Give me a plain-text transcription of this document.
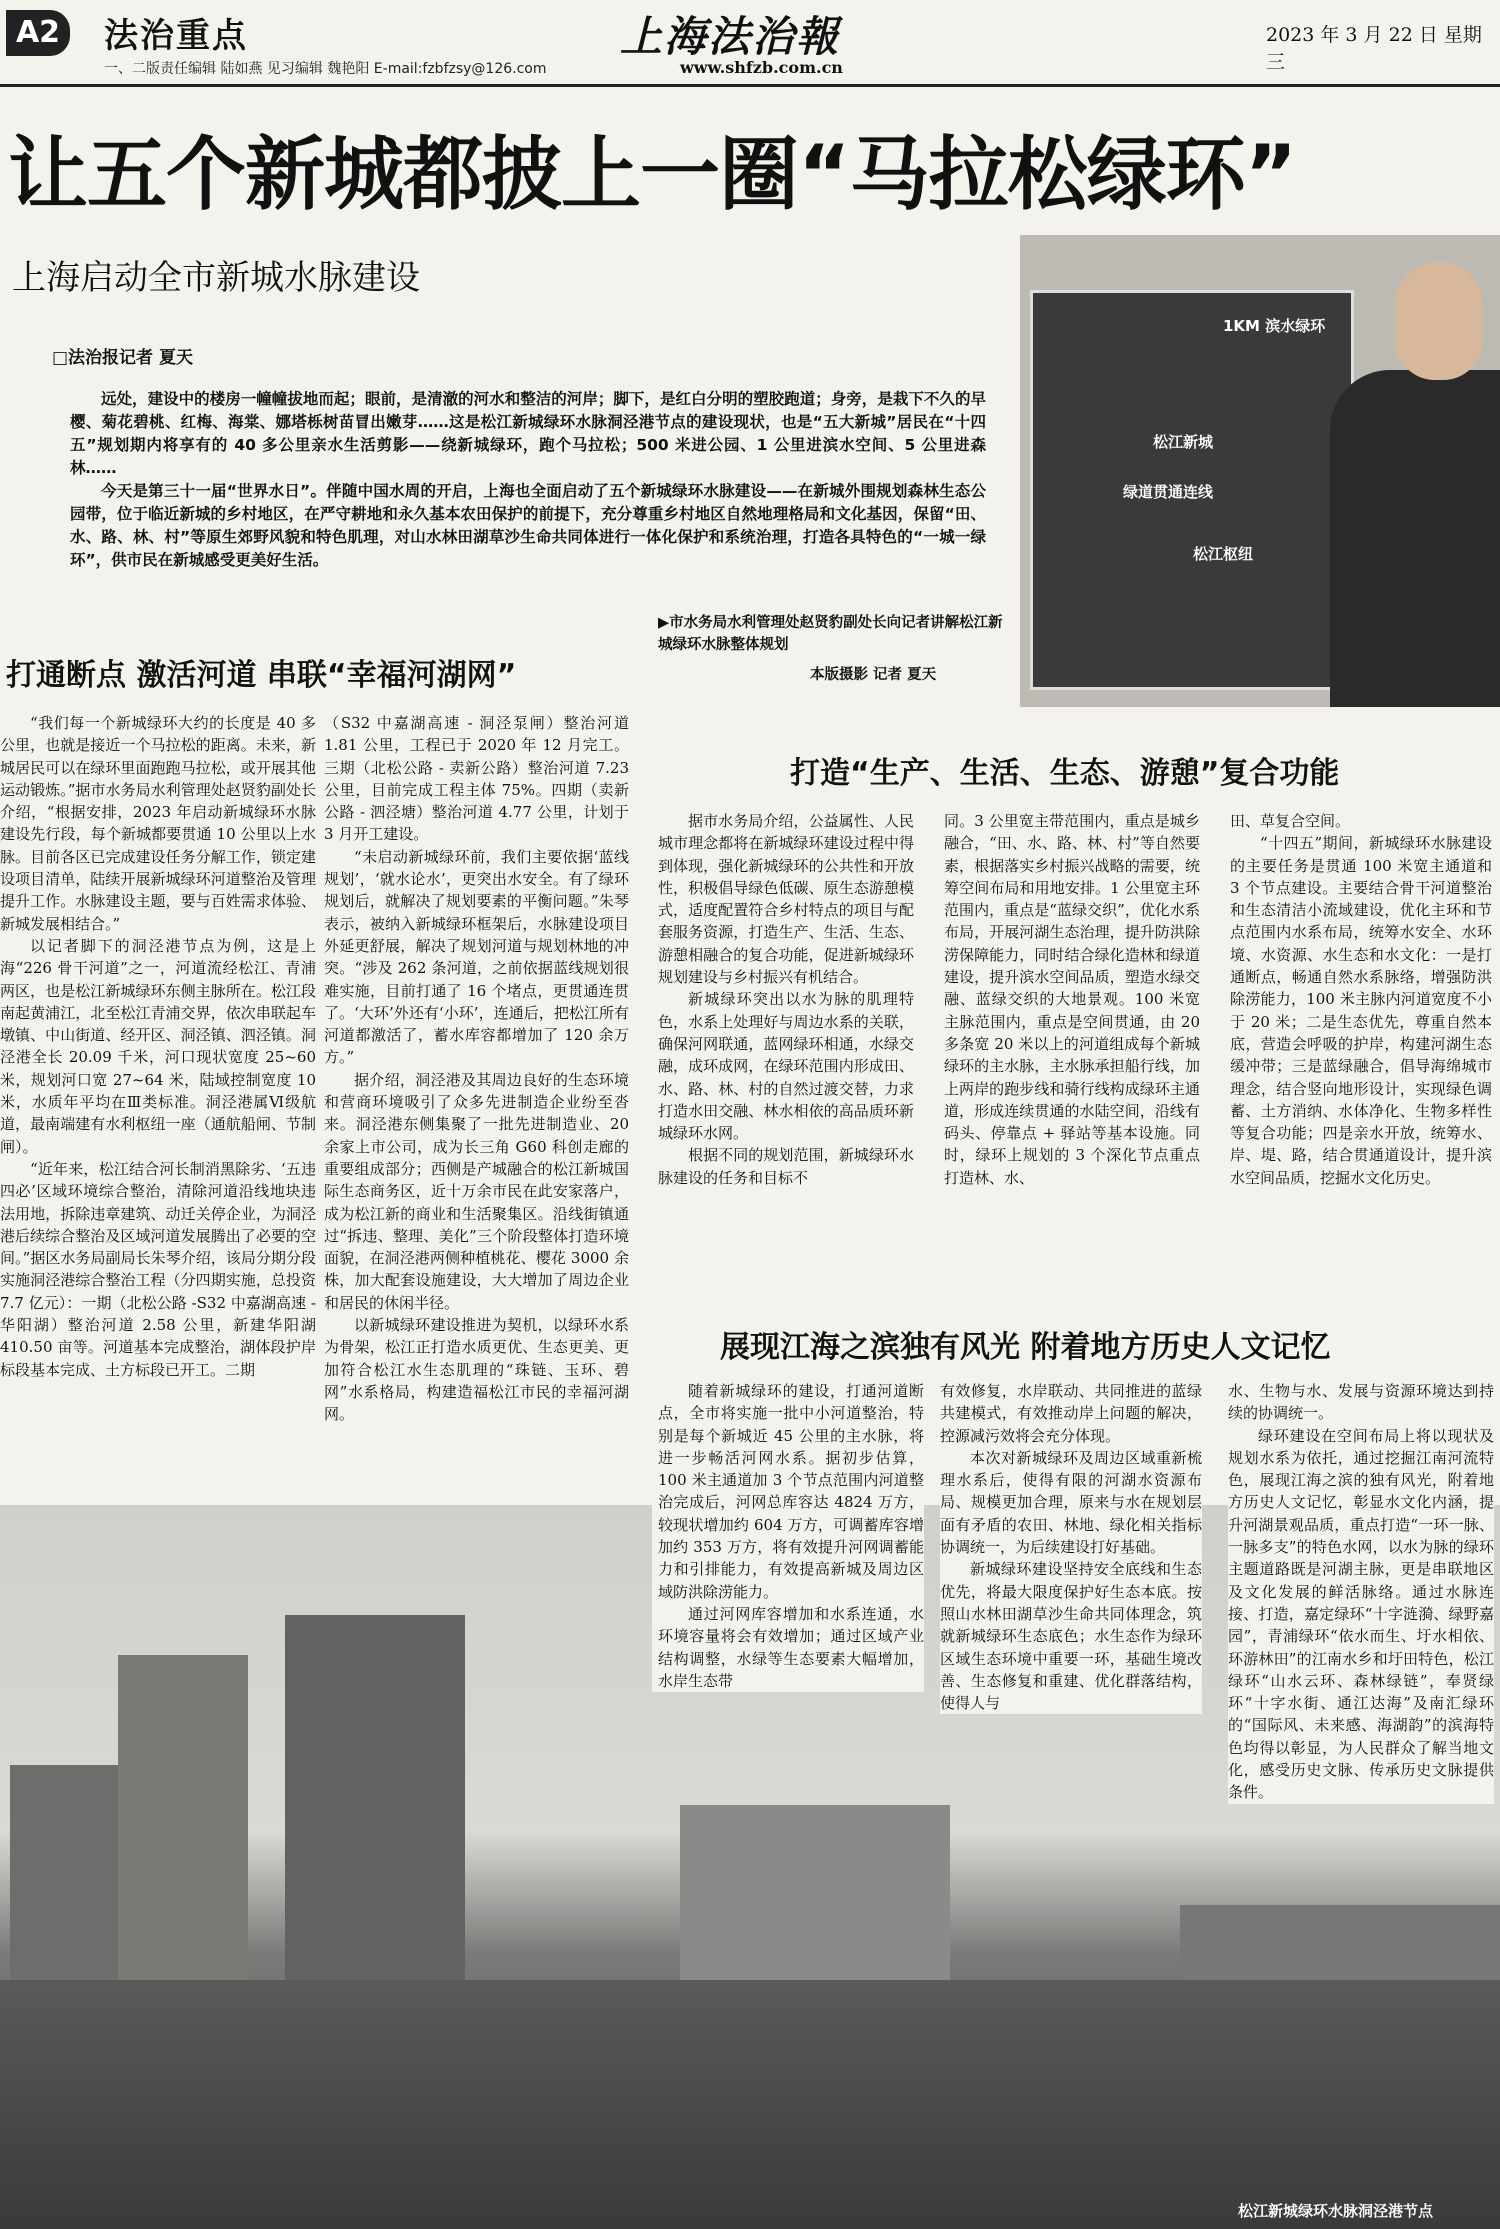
A2 法治重点
一、二版责任编辑 陆如燕 见习编辑 魏艳阳 E-mail:fzbfzsy@126.com
上海法治報
www.shfzb.com.cn
2023 年 3 月 22 日 星期三
让五个新城都披上一圈“马拉松绿环”
上海启动全市新城水脉建设
□法治报记者 夏天

远处，建设中的楼房一幢幢拔地而起；眼前，是清澈的河水和整洁的河岸；脚下，是红白分明的塑胶跑道；身旁，是栽下不久的早樱、菊花碧桃、红梅、海棠、娜塔栎树苗冒出嫩芽……这是松江新城绿环水脉洞泾港节点的建设现状，也是“五大新城”居民在“十四五”规划期内将享有的 40 多公里亲水生活剪影——绕新城绿环，跑个马拉松；500 米进公园、1 公里进滨水空间、5 公里进森林……

今天是第三十一届“世界水日”。伴随中国水周的开启，上海也全面启动了五个新城绿环水脉建设——在新城外围规划森林生态公园带，位于临近新城的乡村地区，在严守耕地和永久基本农田保护的前提下，充分尊重乡村地区自然地理格局和文化基因，保留“田、水、路、林、村”等原生郊野风貌和特色肌理，对山水林田湖草沙生命共同体进行一体化保护和系统治理，打造各具特色的“一城一绿环”，供市民在新城感受更美好生活。

1KM 滨水绿环
松江新城
绿道贯通连线
松江枢纽
▶市水务局水利管理处赵贤豹副处长向记者讲解松江新城绿环水脉整体规划
本版摄影 记者 夏天
打通断点 激活河道 串联“幸福河湖网”

“我们每一个新城绿环大约的长度是 40 多公里，也就是接近一个马拉松的距离。未来，新城居民可以在绿环里面跑跑马拉松，或开展其他运动锻炼。”据市水务局水利管理处赵贤豹副处长介绍，“根据安排，2023 年启动新城绿环水脉建设先行段，每个新城都要贯通 10 公里以上水脉。目前各区已完成建设任务分解工作，锁定建设项目清单，陆续开展新城绿环河道整治及管理提升工作。水脉建设主题，要与百姓需求体验、新城发展相结合。”

以记者脚下的洞泾港节点为例，这是上海“226 骨干河道”之一，河道流经松江、青浦两区，也是松江新城绿环东侧主脉所在。松江段南起黄浦江，北至松江青浦交界，依次串联起车墩镇、中山街道、经开区、洞泾镇、泗泾镇。洞泾港全长 20.09 千米，河口现状宽度 25~60 米，规划河口宽 27~64 米，陆域控制宽度 10 米，水质年平均在Ⅲ类标准。洞泾港属Ⅵ级航道，最南端建有水利枢纽一座（通航船闸、节制闸）。

“近年来，松江结合河长制消黑除劣、‘五违四必’区域环境综合整治，清除河道沿线地块违法用地，拆除违章建筑、动迁关停企业，为洞泾港后续综合整治及区域河道发展腾出了必要的空间。”据区水务局副局长朱琴介绍，该局分期分段实施洞泾港综合整治工程（分四期实施，总投资 7.7 亿元）：一期（北松公路 -S32 中嘉湖高速 - 华阳湖）整治河道 2.58 公里，新建华阳湖 410.50 亩等。河道基本完成整治，湖体段护岸标段基本完成、土方标段已开工。二期

（S32 中嘉湖高速 - 洞泾泵闸）整治河道 1.81 公里，工程已于 2020 年 12 月完工。三期（北松公路 - 卖新公路）整治河道 7.23 公里，目前完成工程主体 75%。四期（卖新公路 - 泗泾塘）整治河道 4.77 公里，计划于 3 月开工建设。

“未启动新城绿环前，我们主要依据‘蓝线规划’，‘就水论水’，更突出水安全。有了绿环规划后，就解决了规划要素的平衡问题。”朱琴表示，被纳入新城绿环框架后，水脉建设项目外延更舒展，解决了规划河道与规划林地的冲突。“涉及 262 条河道，之前依据蓝线规划很难实施，目前打通了 16 个堵点，更贯通连贯了。‘大环’外还有‘小环’，连通后，把松江所有河道都激活了，蓄水库容都增加了 120 余万方。”

据介绍，洞泾港及其周边良好的生态环境和营商环境吸引了众多先进制造企业纷至沓来。洞泾港东侧集聚了一批先进制造业、20 余家上市公司，成为长三角 G60 科创走廊的重要组成部分；西侧是产城融合的松江新城国际生态商务区，近十万余市民在此安家落户，成为松江新的商业和生活聚集区。沿线街镇通过“拆违、整理、美化”三个阶段整体打造环境面貌，在洞泾港两侧种植桃花、樱花 3000 余株，加大配套设施建设，大大增加了周边企业和居民的休闲半径。

以新城绿环建设推进为契机，以绿环水系为骨架，松江正打造水质更优、生态更美、更加符合松江水生态肌理的“珠链、玉环、碧网”水系格局，构建造福松江市民的幸福河湖网。

打造“生产、生活、生态、游憩”复合功能

据市水务局介绍，公益属性、人民城市理念都将在新城绿环建设过程中得到体现，强化新城绿环的公共性和开放性，积极倡导绿色低碳、原生态游憩模式，适度配置符合乡村特点的项目与配套服务资源，打造生产、生活、生态、游憩相融合的复合功能，促进新城绿环规划建设与乡村振兴有机结合。

新城绿环突出以水为脉的肌理特色，水系上处理好与周边水系的关联，确保河网联通，蓝网绿环相通，水绿交融，成环成网，在绿环范围内形成田、水、路、林、村的自然过渡交替，力求打造水田交融、林水相依的高品质环新城绿环水网。

根据不同的规划范围，新城绿环水脉建设的任务和目标不

同。3 公里宽主带范围内，重点是城乡融合，“田、水、路、林、村”等自然要素，根据落实乡村振兴战略的需要，统筹空间布局和用地安排。1 公里宽主环范围内，重点是“蓝绿交织”，优化水系布局，开展河湖生态治理，提升防洪除涝保障能力，同时结合绿化造林和绿道建设，提升滨水空间品质，塑造水绿交融、蓝绿交织的大地景观。100 米宽主脉范围内，重点是空间贯通，由 20 多条宽 20 米以上的河道组成每个新城绿环的主水脉，主水脉承担船行线，加上两岸的跑步线和骑行线构成绿环主通道，形成连续贯通的水陆空间，沿线有码头、停靠点 + 驿站等基本设施。同时，绿环上规划的 3 个深化节点重点打造林、水、

田、草复合空间。

“十四五”期间，新城绿环水脉建设的主要任务是贯通 100 米宽主通道和 3 个节点建设。主要结合骨干河道整治和生态清洁小流域建设，优化主环和节点范围内水系布局，统筹水安全、水环境、水资源、水生态和水文化：一是打通断点，畅通自然水系脉络，增强防洪除涝能力，100 米主脉内河道宽度不小于 20 米；二是生态优先，尊重自然本底，营造会呼吸的护岸，构建河湖生态缓冲带；三是蓝绿融合，倡导海绵城市理念，结合竖向地形设计，实现绿色调蓄、土方消纳、水体净化、生物多样性等复合功能；四是亲水开放，统筹水、岸、堤、路，结合贯通道设计，提升滨水空间品质，挖掘水文化历史。

展现江海之滨独有风光 附着地方历史人文记忆

随着新城绿环的建设，打通河道断点，全市将实施一批中小河道整治，特别是每个新城近 45 公里的主水脉，将进一步畅活河网水系。据初步估算，100 米主通道加 3 个节点范围内河道整治完成后，河网总库容达 4824 万方，较现状增加约 604 万方，可调蓄库容增加约 353 万方，将有效提升河网调蓄能力和引排能力，有效提高新城及周边区域防洪除涝能力。

通过河网库容增加和水系连通，水环境容量将会有效增加；通过区域产业结构调整，水绿等生态要素大幅增加，水岸生态带

有效修复，水岸联动、共同推进的蓝绿共建模式，有效推动岸上问题的解决，控源减污效将会充分体现。

本次对新城绿环及周边区域重新梳理水系后，使得有限的河湖水资源布局、规模更加合理，原来与水在规划层面有矛盾的农田、林地、绿化相关指标协调统一，为后续建设打好基础。

新城绿环建设坚持安全底线和生态优先，将最大限度保护好生态本底。按照山水林田湖草沙生命共同体理念，筑就新城绿环生态底色；水生态作为绿环区域生态环境中重要一环，基础生境改善、生态修复和重建、优化群落结构，使得人与

水、生物与水、发展与资源环境达到持续的协调统一。

绿环建设在空间布局上将以现状及规划水系为依托，通过挖掘江南河流特色，展现江海之滨的独有风光，附着地方历史人文记忆，彰显水文化内涵，提升河湖景观品质，重点打造“一环一脉、一脉多支”的特色水网，以水为脉的绿环主题道路既是河湖主脉，更是串联地区及文化发展的鲜活脉络。通过水脉连接、打造，嘉定绿环“十字涟漪、绿野嘉园”，青浦绿环“依水而生、圩水相依、环游林田”的江南水乡和圩田特色，松江绿环“山水云环、森林绿链”，奉贤绿环“十字水街、通江达海”及南汇绿环的“国际风、未来感、海湖韵”的滨海特色均得以彰显，为人民群众了解当地文化，感受历史文脉、传承历史文脉提供条件。

松江新城绿环水脉洞泾港节点
